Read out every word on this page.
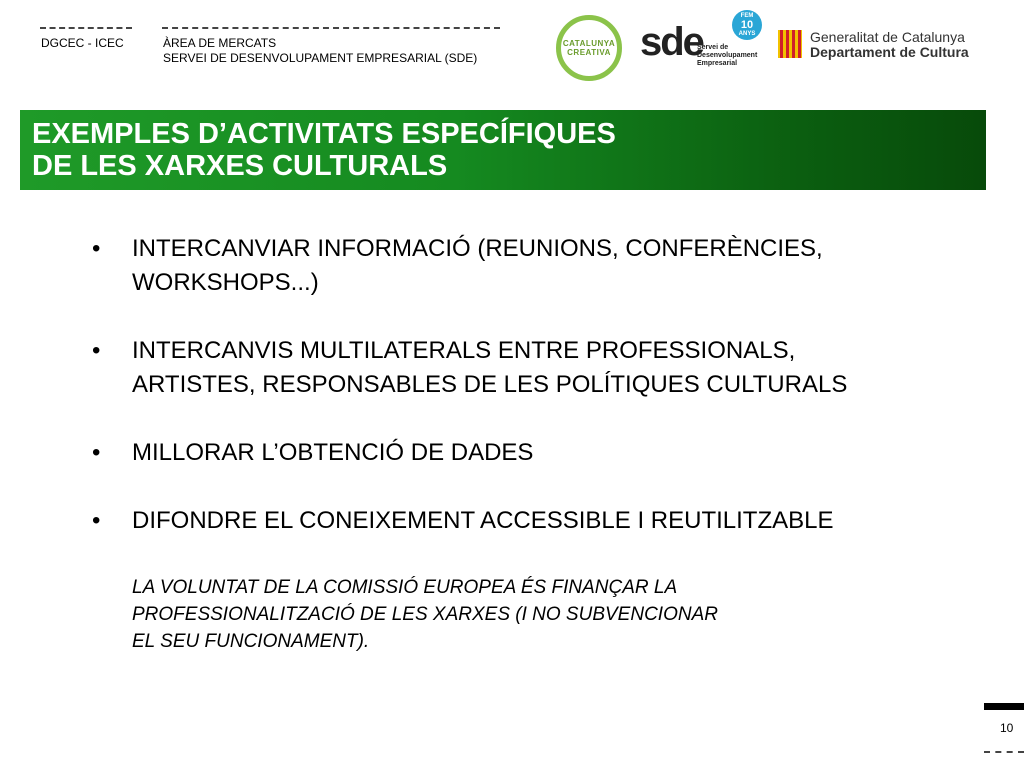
DGCEC - ICEC	ÀREA DE MERCATS
SERVEI DE DESENVOLUPAMENT EMPRESARIAL (SDE)
CATALUNYA
CREATIVA sde
Servei de
Desenvolupament
Empresarial
FEM
10
ANYS	Generalitat de Catalunya
Departament de Cultura
EXEMPLES D’ACTIVITATS ESPECÍFIQUES
DE LES XARXES CULTURALS
• INTERCANVIAR INFORMACIÓ (REUNIONS, CONFERÈNCIES,
WORKSHOPS...)
• INTERCANVIS MULTILATERALS ENTRE PROFESSIONALS,
ARTISTES, RESPONSABLES DE LES POLÍTIQUES CULTURALS
• MILLORAR L’OBTENCIÓ DE DADES
• DIFONDRE EL CONEIXEMENT ACCESSIBLE I REUTILITZABLE
LA VOLUNTAT DE LA COMISSIÓ EUROPEA ÉS FINANÇAR LA
PROFESSIONALITZACIÓ DE LES XARXES (I NO SUBVENCIONAR
EL SEU FUNCIONAMENT).
10
